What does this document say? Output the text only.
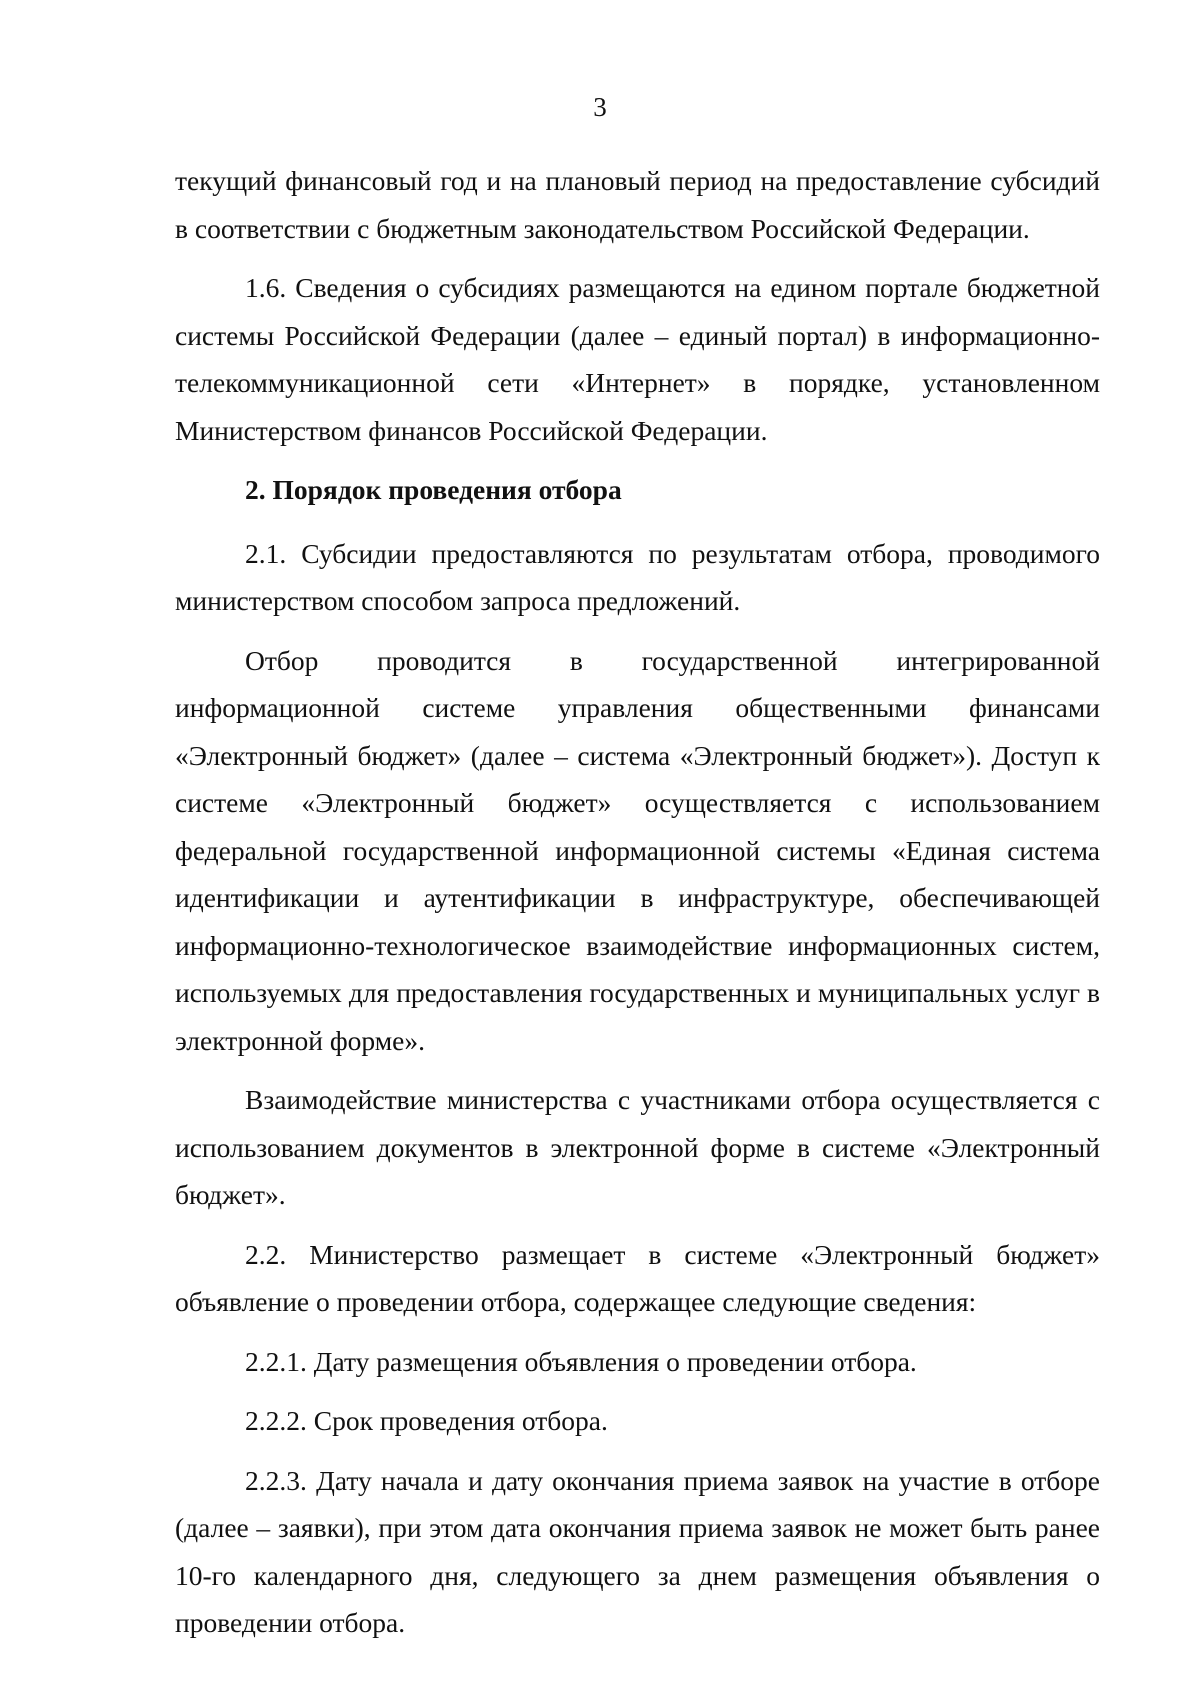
3

текущий финансовый год и на плановый период на предоставление субсидий в соответствии с бюджетным законодательством Российской Федерации.

1.6. Сведения о субсидиях размещаются на едином портале бюджетной системы Российской Федерации (далее – единый портал) в информационно-телекоммуникационной сети «Интернет» в порядке, установленном Министерством финансов Российской Федерации.

2. Порядок проведения отбора

2.1. Субсидии предоставляются по результатам отбора, проводимого министерством способом запроса предложений.

Отбор проводится в государственной интегрированной информационной системе управления общественными финансами «Электронный бюджет» (далее – система «Электронный бюджет»). Доступ к системе «Электронный бюджет» осуществляется с использованием федеральной государственной информационной системы «Единая система идентификации и аутентификации в инфраструктуре, обеспечивающей информационно-технологическое взаимодействие информационных систем, используемых для предоставления государственных и муниципальных услуг в электронной форме».

Взаимодействие министерства с участниками отбора осуществляется с использованием документов в электронной форме в системе «Электронный бюджет».

2.2. Министерство размещает в системе «Электронный бюджет» объявление о проведении отбора, содержащее следующие сведения:

2.2.1. Дату размещения объявления о проведении отбора.

2.2.2. Срок проведения отбора.

2.2.3. Дату начала и дату окончания приема заявок на участие в отборе (далее – заявки), при этом дата окончания приема заявок не может быть ранее 10-го календарного дня, следующего за днем размещения объявления о проведении отбора.
